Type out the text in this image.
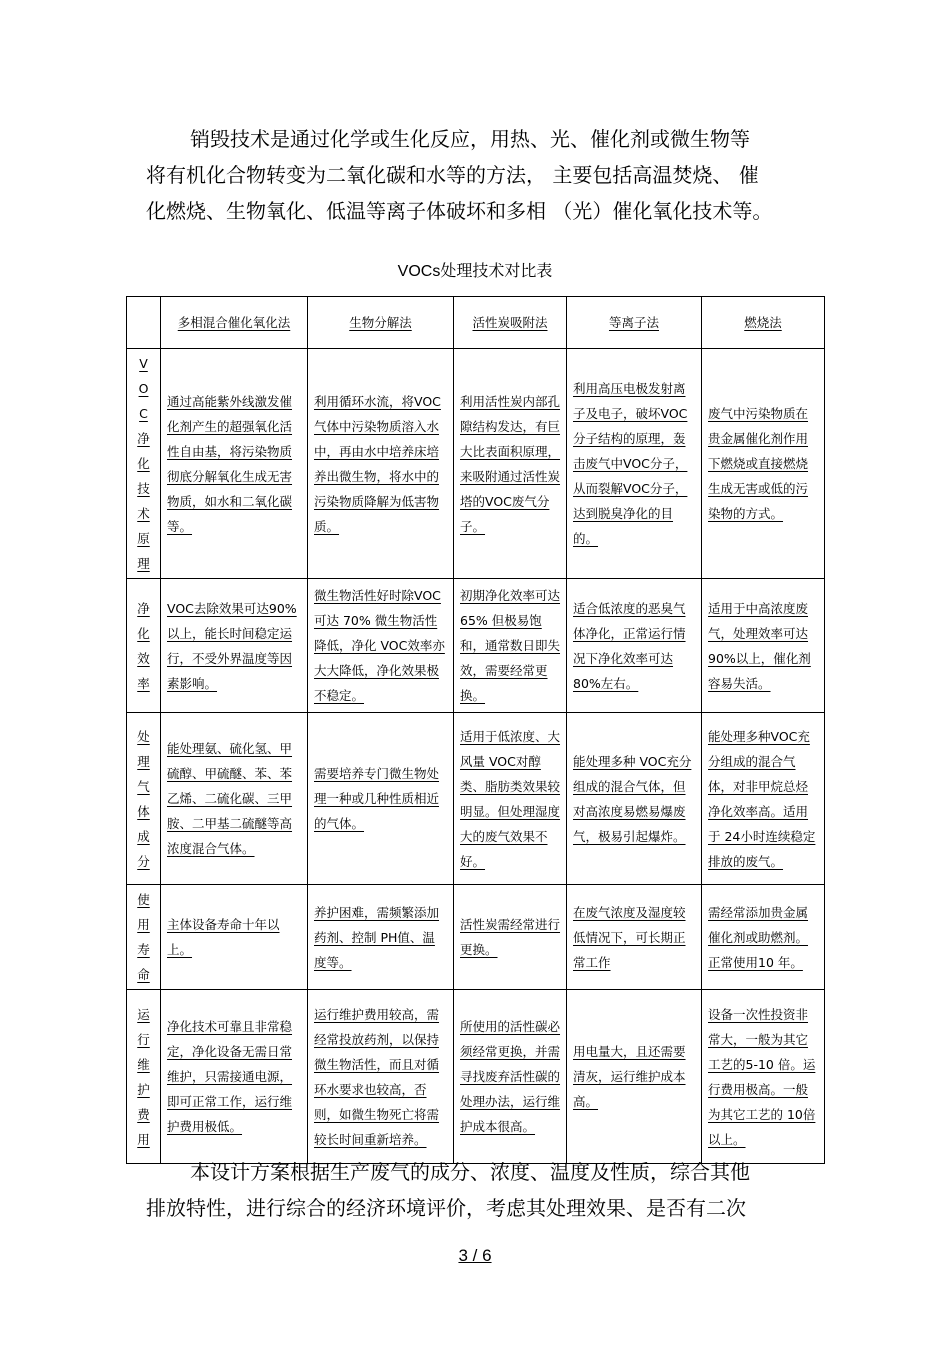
销毁技术是通过化学或生化反应，用热、光、催化剂或微生物等
将有机化合物转变为二氧化碳和水等的方法， 主要包括高温焚烧、 催
化燃烧、生物氧化、低温等离子体破坏和多相 （光）催化氧化技术等。
VOCs处理技术对比表
	多相混合催化氧化法	生物分解法	活性炭吸附法	等离子法	燃烧法

VOC净化技术原理	通过高能紫外线激发催化剂产生的超强氧化活性自由基，将污染物质彻底分解氧化生成无害物质，如水和二氧化碳等。	利用循环水流，将VOC气体中污染物质溶入水中，再由水中培养床培养出微生物，将水中的污染物质降解为低害物质。	利用活性炭内部孔隙结构发达，有巨大比表面积原理，来吸附通过活性炭塔的VOC废气分子。	利用高压电极发射离子及电子，破坏VOC分子结构的原理，轰击废气中VOC分子，从而裂解VOC分子，达到脱臭净化的目的。	废气中污染物质在贵金属催化剂作用下燃烧或直接燃烧生成无害或低的污染物的方式。

净化效率	VOC去除效果可达90%以上，能长时间稳定运行，不受外界温度等因素影响。	微生物活性好时除VOC可达 70% 微生物活性降低，净化 VOC效率亦大大降低，净化效果极不稳定。	初期净化效率可达 65% 但极易饱和，通常数日即失效，需要经常更换。	适合低浓度的恶臭气体净化，正常运行情况下净化效率可达 80%左右。	适用于中高浓度废气，处理效率可达 90%以上，催化剂容易失活。

处理气体成分	能处理氨、硫化氢、甲硫醇、甲硫醚、苯、苯乙烯、二硫化碳、三甲胺、二甲基二硫醚等高浓度混合气体。	需要培养专门微生物处理一种或几种性质相近的气体。	适用于低浓度、大风量 VOC对醇类、脂肪类效果较明显。但处理湿度大的废气效果不好。	能处理多种 VOC充分组成的混合气体，但对高浓度易燃易爆废气，极易引起爆炸。	能处理多种VOC充分组成的混合气体，对非甲烷总烃净化效率高。适用于 24小时连续稳定排放的废气。

使用寿命	主体设备寿命十年以上。	养护困难，需频繁添加药剂、控制 PH值、温度等。	活性炭需经常进行更换。	在废气浓度及湿度较低情况下，可长期正常工作	需经常添加贵金属催化剂或助燃剂。正常使用10 年。

运行维护费用	净化技术可靠且非常稳定，净化设备无需日常维护，只需接通电源，即可正常工作，运行维护费用极低。	运行维护费用较高，需经常投放药剂，以保持微生物活性，而且对循环水要求也较高，否则，如微生物死亡将需较长时间重新培养。	所使用的活性碳必须经常更换，并需寻找废弃活性碳的处理办法，运行维护成本很高。	用电量大，且还需要清灰，运行维护成本高。	设备一次性投资非常大，一般为其它工艺的5-10 倍。运行费用极高。一般为其它工艺的 10倍以上。
本设计方案根据生产废气的成分、浓度、温度及性质，综合其他
排放特性，进行综合的经济环境评价，考虑其处理效果、是否有二次
3 / 6
